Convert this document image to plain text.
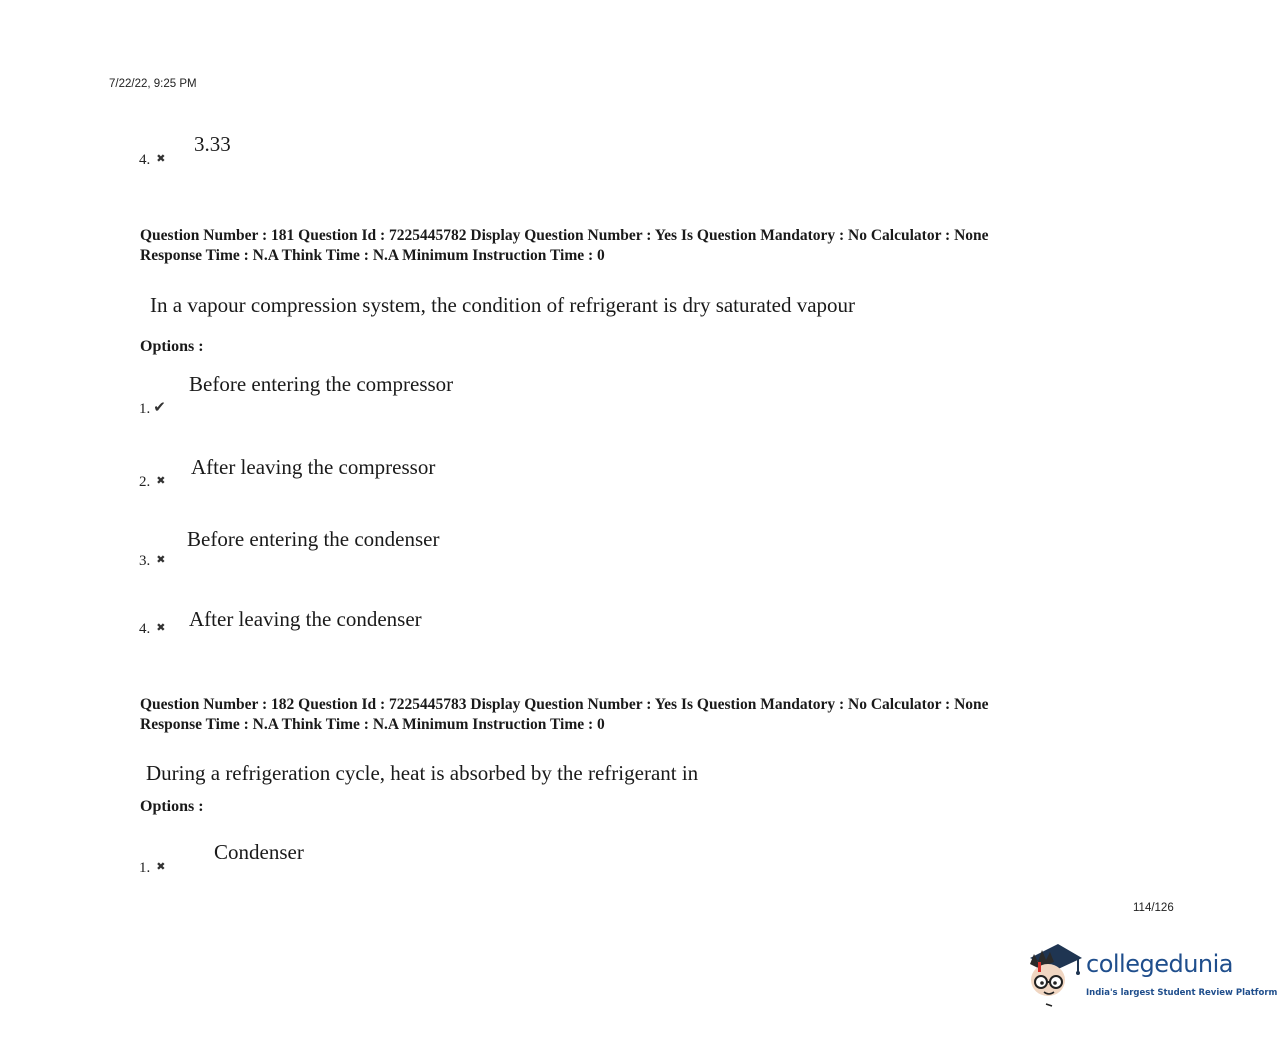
7/22/22, 9:25 PM
4. ✖
3.33
Question Number : 181 Question Id : 7225445782 Display Question Number : Yes Is Question Mandatory : No Calculator : None
Response Time : N.A Think Time : N.A Minimum Instruction Time : 0
In a vapour compression system, the condition of refrigerant is dry saturated vapour
Options :
1. ✔
Before entering the compressor
2. ✖
After leaving the compressor
3. ✖
Before entering the condenser
4. ✖ After leaving the condenser
Question Number : 182 Question Id : 7225445783 Display Question Number : Yes Is Question Mandatory : No Calculator : None
Response Time : N.A Think Time : N.A Minimum Instruction Time : 0
During a refrigeration cycle, heat is absorbed by the refrigerant in
Options :
1. ✖
Condenser
114/126
collegedunia
India's largest Student Review Platform
